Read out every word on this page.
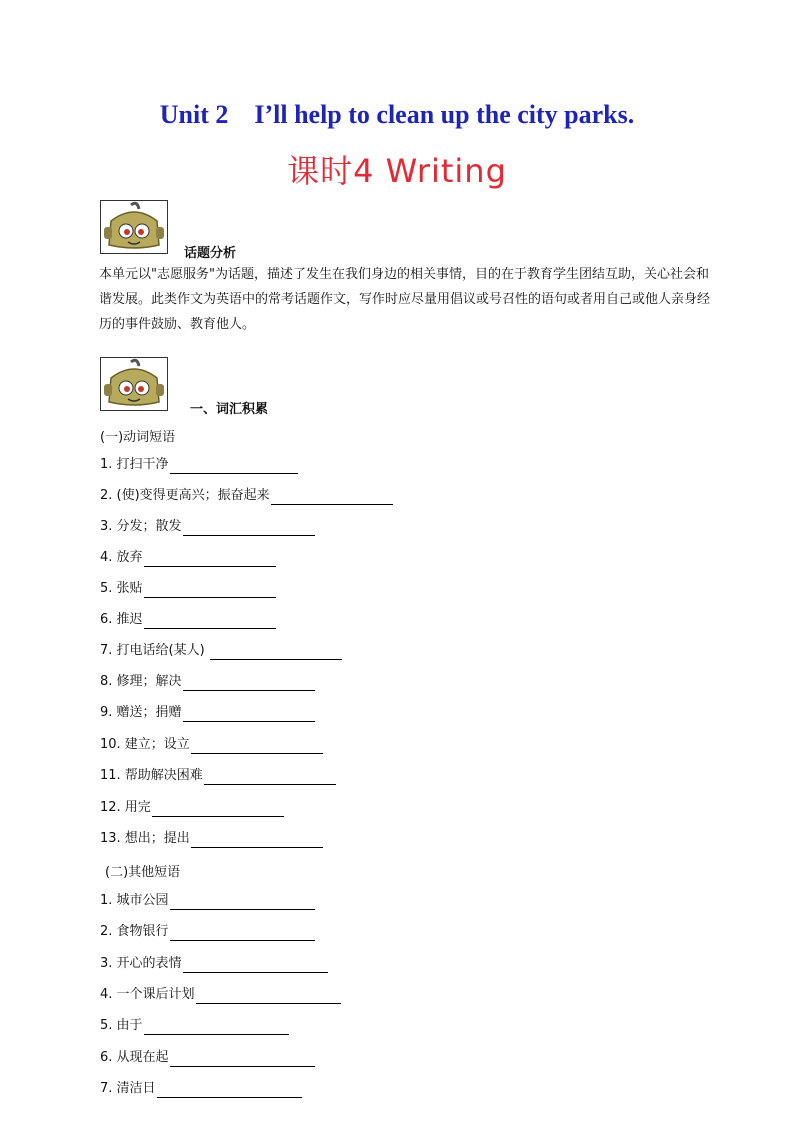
Unit 2    I’ll help to clean up the city parks.
课时4 Writing
话题分析
本单元以"志愿服务"为话题，描述了发生在我们身边的相关事情，目的在于教育学生团结互助，关心社会和谐发展。此类作文为英语中的常考话题作文，写作时应尽量用倡议或号召性的语句或者用自己或他人亲身经历的事件鼓励、教育他人。
一、词汇积累
(一)动词短语
1. 打扫干净
2. (使)变得更高兴；振奋起来
3. 分发；散发
4. 放弃
5. 张贴
6. 推迟
7. 打电话给(某人)
8. 修理；解决
9. 赠送；捐赠
10. 建立；设立
11. 帮助解决困难
12. 用完
13. 想出；提出
(二)其他短语
1. 城市公园
2. 食物银行
3. 开心的表情
4. 一个课后计划
5. 由于
6. 从现在起
7. 清洁日
